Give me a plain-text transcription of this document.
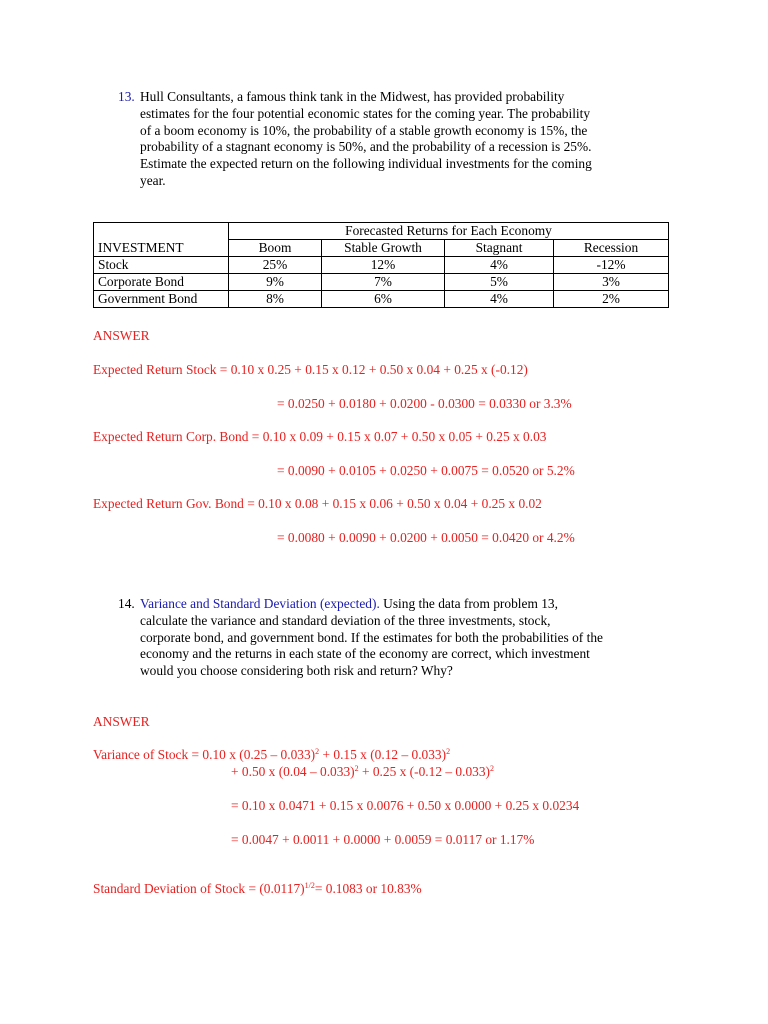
13. Hull Consultants, a famous think tank in the Midwest, has provided probability
estimates for the four potential economic states for the coming year. The probability
of a boom economy is 10%, the probability of a stable growth economy is 15%, the
probability of a stagnant economy is 50%, and the probability of a recession is 25%.
Estimate the expected return on the following individual investments for the coming
year.
INVESTMENT	Forecasted Returns for Each Economy			
	Boom	Stable Growth	Stagnant	Recession
Stock	25%	12%	4%	-12%
Corporate Bond	9%	7%	5%	3%
Government Bond	8%	6%	4%	2%
ANSWER
Expected Return Stock = 0.10 x 0.25 + 0.15 x 0.12 + 0.50 x 0.04 + 0.25 x (-0.12)
= 0.0250 + 0.0180 + 0.0200 - 0.0300 = 0.0330 or 3.3%
Expected Return Corp. Bond = 0.10 x 0.09 + 0.15 x 0.07 + 0.50 x 0.05 + 0.25 x 0.03
= 0.0090 + 0.0105 + 0.0250 + 0.0075 = 0.0520 or 5.2%
Expected Return Gov. Bond = 0.10 x 0.08 + 0.15 x 0.06 + 0.50 x 0.04 + 0.25 x 0.02
= 0.0080 + 0.0090 + 0.0200 + 0.0050 = 0.0420 or 4.2%
14. Variance and Standard Deviation (expected). Using the data from problem 13,
calculate the variance and standard deviation of the three investments, stock,
corporate bond, and government bond. If the estimates for both the probabilities of the
economy and the returns in each state of the economy are correct, which investment
would you choose considering both risk and return? Why?
ANSWER
Variance of Stock = 0.10 x (0.25 – 0.033)$^2$ + 0.15 x (0.12 – 0.033)$^2$
+ 0.50 x (0.04 – 0.033)$^2$ + 0.25 x (-0.12 – 0.033)$^2$
= 0.10 x 0.0471 + 0.15 x 0.0076 + 0.50 x 0.0000 + 0.25 x 0.0234
= 0.0047 + 0.0011 + 0.0000 + 0.0059 = 0.0117 or 1.17%
Standard Deviation of Stock = $(0.0117)^{1/2}= 0.1083$ or 10.83%
